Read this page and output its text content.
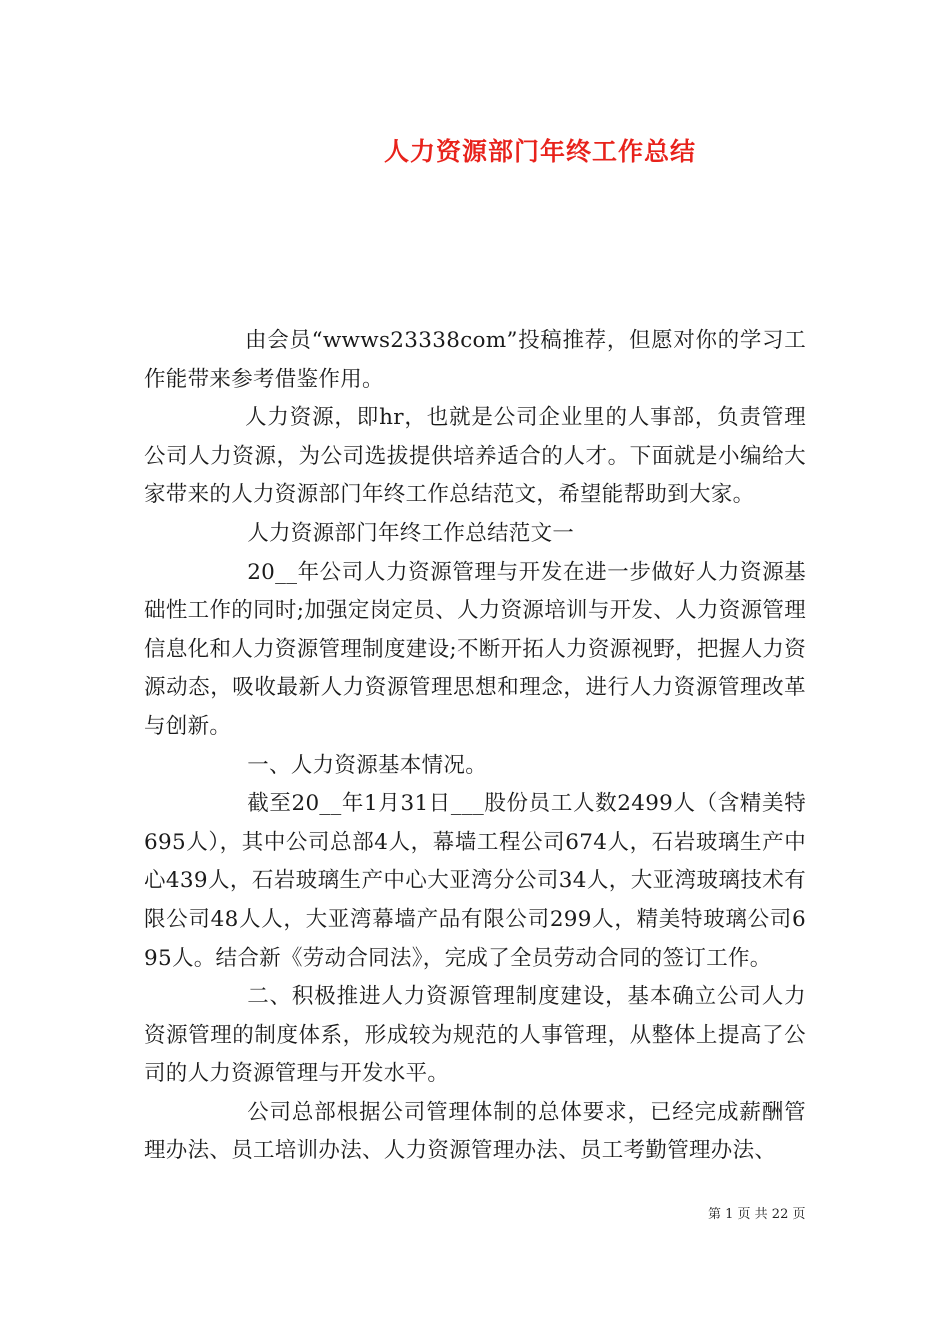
人力资源部门年终工作总结

由会员“wwws23338com”投稿推荐，但愿对你的学习工作能带来参考借鉴作用。

人力资源，即hr，也就是公司企业里的人事部，负责管理公司人力资源，为公司选拔提供培养适合的人才。下面就是小编给大家带来的人力资源部门年终工作总结范文，希望能帮助到大家。

人力资源部门年终工作总结范文一

20__年公司人力资源管理与开发在进一步做好人力资源基础性工作的同时;加强定岗定员、人力资源培训与开发、人力资源管理信息化和人力资源管理制度建设;不断开拓人力资源视野，把握人力资源动态，吸收最新人力资源管理思想和理念，进行人力资源管理改革与创新。

一、人力资源基本情况。

截至20__年1月31日___股份员工人数2499人（含精美特695人），其中公司总部4人，幕墙工程公司674人，石岩玻璃生产中心439人，石岩玻璃生产中心大亚湾分公司34人，大亚湾玻璃技术有限公司48人人，大亚湾幕墙产品有限公司299人，精美特玻璃公司695人。结合新《劳动合同法》，完成了全员劳动合同的签订工作。

二、积极推进人力资源管理制度建设，基本确立公司人力资源管理的制度体系，形成较为规范的人事管理，从整体上提高了公司的人力资源管理与开发水平。

公司总部根据公司管理体制的总体要求，已经完成薪酬管理办法、员工培训办法、人力资源管理办法、员工考勤管理办法、

第 1 页 共 22 页
